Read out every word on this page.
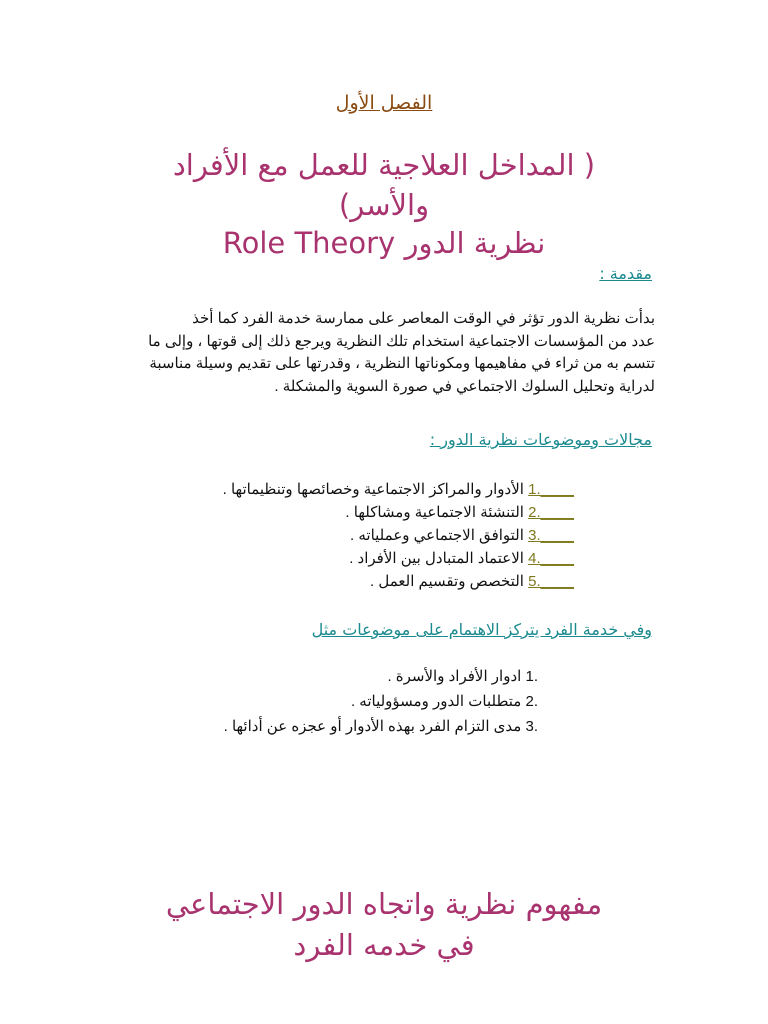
الفصل الأول
( المداخل العلاجية للعمل مع الأفراد
والأسر)
نظرية الدور Role Theory
مقدمة :
بدأت نظرية الدور تؤثر في الوقت المعاصر على ممارسة خدمة الفرد كما أخذ
عدد من المؤسسات الاجتماعية استخدام تلك النظرية ويرجع ذلك إلى قوتها ، وإلى ما
تتسم به من ثراء في مفاهيمها ومكوناتها النظرية ، وقدرتها على تقديم وسيلة مناسبة
لدراية وتحليل السلوك الاجتماعي في صورة السوية والمشكلة .
مجالات وموضوعات نظرية الدور :
1.____ الأدوار والمراكز الاجتماعية وخصائصها وتنظيماتها .
2.____ التنشئة الاجتماعية ومشاكلها .
3.____ التوافق الاجتماعي وعملياته .
4.____ الاعتماد المتبادل بين الأفراد .
5.____ التخصص وتقسيم العمل .
وفي خدمة الفرد يتركز الاهتمام على موضوعات مثل
1. ادوار الأفراد والأسرة .
2. متطلبات الدور ومسؤولياته .
3. مدى التزام الفرد بهذه الأدوار أو عجزه عن أدائها .
مفهوم نظرية واتجاه الدور الاجتماعي
في خدمه الفرد
